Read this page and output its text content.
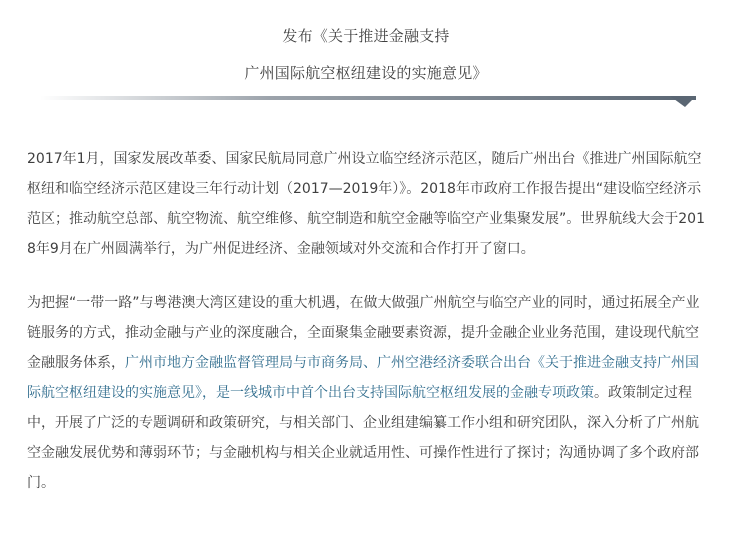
发布《关于推进金融支持
广州国际航空枢纽建设的实施意见》

2017年1月，国家发展改革委、国家民航局同意广州设立临空经济示范区，随后广州出台《推进广州国际航空枢纽和临空经济示范区建设三年行动计划（2017—2019年）》。2018年市政府工作报告提出“建设临空经济示范区；推动航空总部、航空物流、航空维修、航空制造和航空金融等临空产业集聚发展”。世界航线大会于2018年9月在广州圆满举行，为广州促进经济、金融领域对外交流和合作打开了窗口。

为把握“一带一路”与粤港澳大湾区建设的重大机遇，在做大做强广州航空与临空产业的同时，通过拓展全产业链服务的方式，推动金融与产业的深度融合，全面聚集金融要素资源，提升金融企业业务范围，建设现代航空金融服务体系，广州市地方金融监督管理局与市商务局、广州空港经济委联合出台《关于推进金融支持广州国际航空枢纽建设的实施意见》，是一线城市中首个出台支持国际航空枢纽发展的金融专项政策。政策制定过程中，开展了广泛的专题调研和政策研究，与相关部门、企业组建编纂工作小组和研究团队，深入分析了广州航空金融发展优势和薄弱环节；与金融机构与相关企业就适用性、可操作性进行了探讨；沟通协调了多个政府部门。
